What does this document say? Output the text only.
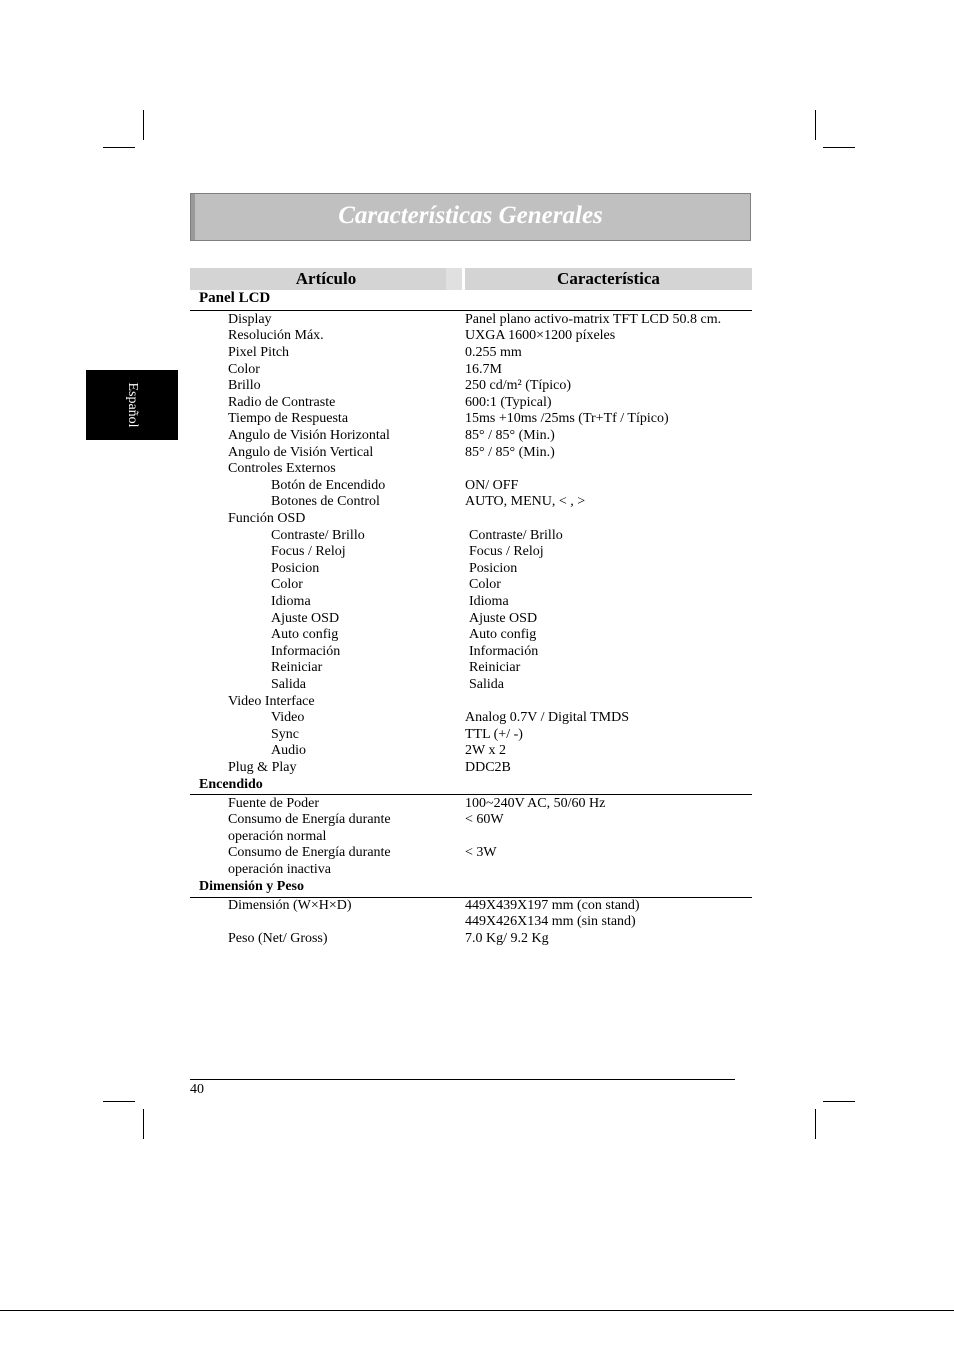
Características Generales
Español
Artículo	Característica
Panel LCD
Display	Panel plano activo-matrix TFT LCD 50.8 cm.
Resolución Máx.	UXGA 1600×1200 píxeles
Pixel Pitch	0.255 mm
Color	16.7M
Brillo	250 cd/m² (Típico)
Radio de Contraste	600:1 (Typical)
Tiempo de Respuesta	15ms +10ms /25ms (Tr+Tf / Típico)
Angulo de Visión Horizontal	85° / 85° (Min.)
Angulo de Visión Vertical	85° / 85° (Min.)
Controles Externos
Botón de Encendido	ON/ OFF
Botones de Control	AUTO, MENU, < , >
Función OSD
Contraste/ Brillo	Contraste/ Brillo
Focus / Reloj	Focus / Reloj
Posicion	Posicion
Color	Color
Idioma	Idioma
Ajuste OSD	Ajuste OSD
Auto config	Auto config
Información	Información
Reiniciar	Reiniciar
Salida	Salida
Video Interface
Video	Analog 0.7V / Digital TMDS
Sync	TTL (+/ -)
Audio	2W x 2
Plug & Play	DDC2B
Encendido
Fuente de Poder	100~240V AC, 50/60 Hz
Consumo de Energía durante	< 60W
operación normal
Consumo de Energía durante	< 3W
operación inactiva
Dimensión y Peso
Dimensión (W×H×D)	449X439X197 mm (con stand)
449X426X134 mm (sin stand)
Peso (Net/ Gross)	7.0 Kg/ 9.2 Kg
40
